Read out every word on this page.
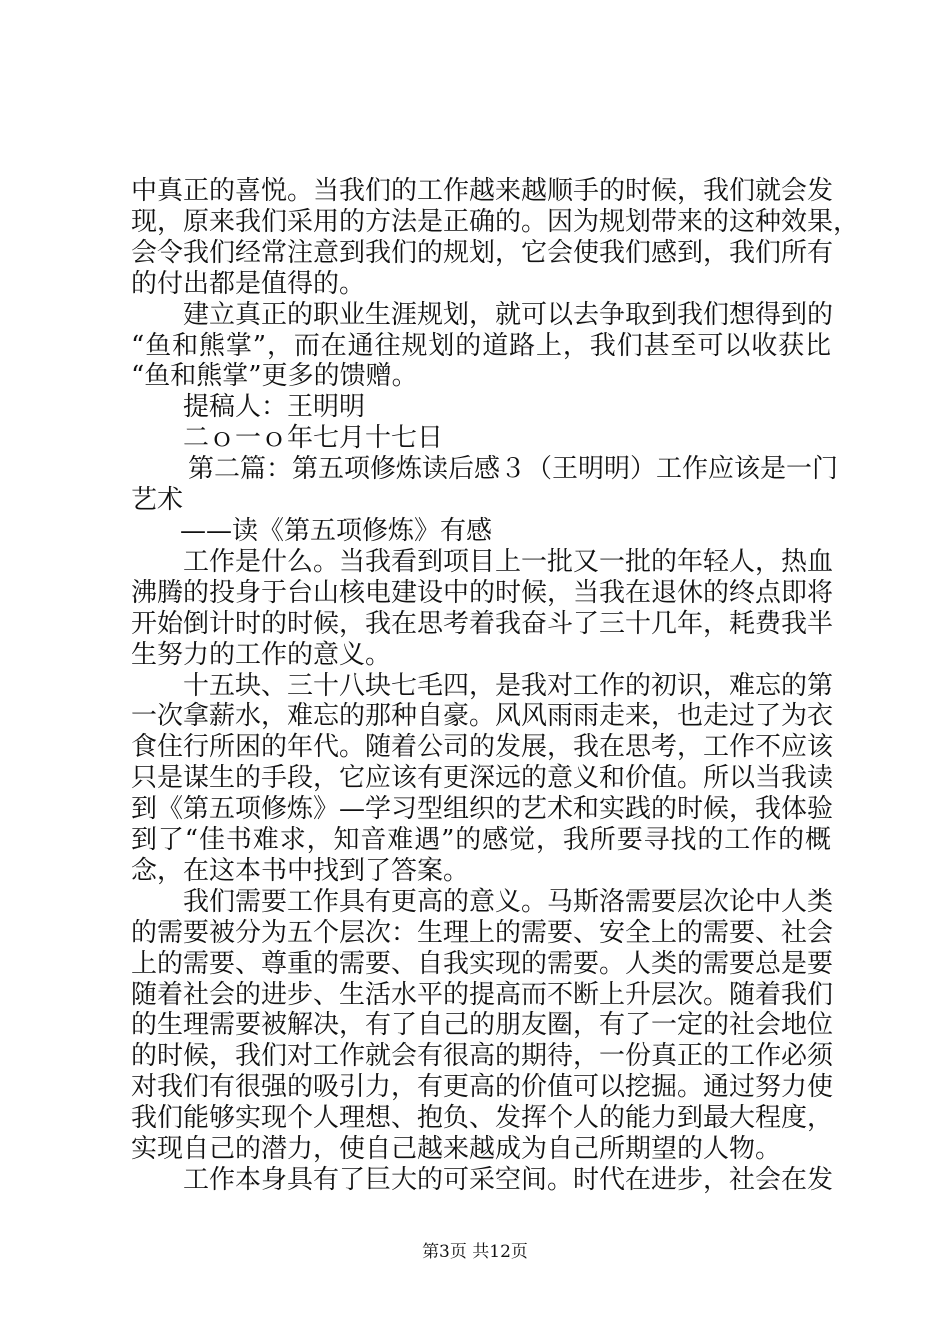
中真正的喜悦。当我们的工作越来越顺手的时候，我们就会发
现，原来我们采用的方法是正确的。因为规划带来的这种效果，
会令我们经常注意到我们的规划，它会使我们感到，我们所有
的付出都是值得的。
建立真正的职业生涯规划，就可以去争取到我们想得到的
“鱼和熊掌”，而在通往规划的道路上，我们甚至可以收获比
“鱼和熊掌”更多的馈赠。
提稿人：王明明
二ｏ一ｏ年七月十七日
第二篇：第五项修炼读后感３（王明明）工作应该是一门
艺术
——读《第五项修炼》有感
工作是什么。当我看到项目上一批又一批的年轻人，热血
沸腾的投身于台山核电建设中的时候，当我在退休的终点即将
开始倒计时的时候，我在思考着我奋斗了三十几年，耗费我半
生努力的工作的意义。
十五块、三十八块七毛四，是我对工作的初识，难忘的第
一次拿薪水，难忘的那种自豪。风风雨雨走来，也走过了为衣
食住行所困的年代。随着公司的发展，我在思考，工作不应该
只是谋生的手段，它应该有更深远的意义和价值。所以当我读
到《第五项修炼》—学习型组织的艺术和实践的时候，我体验
到了“佳书难求，知音难遇”的感觉，我所要寻找的工作的概
念，在这本书中找到了答案。
我们需要工作具有更高的意义。马斯洛需要层次论中人类
的需要被分为五个层次：生理上的需要、安全上的需要、社会
上的需要、尊重的需要、自我实现的需要。人类的需要总是要
随着社会的进步、生活水平的提高而不断上升层次。随着我们
的生理需要被解决，有了自己的朋友圈，有了一定的社会地位
的时候，我们对工作就会有很高的期待，一份真正的工作必须
对我们有很强的吸引力，有更高的价值可以挖掘。通过努力使
我们能够实现个人理想、抱负、发挥个人的能力到最大程度，
实现自己的潜力，使自己越来越成为自己所期望的人物。
工作本身具有了巨大的可采空间。时代在进步，社会在发
第3页 共12页
